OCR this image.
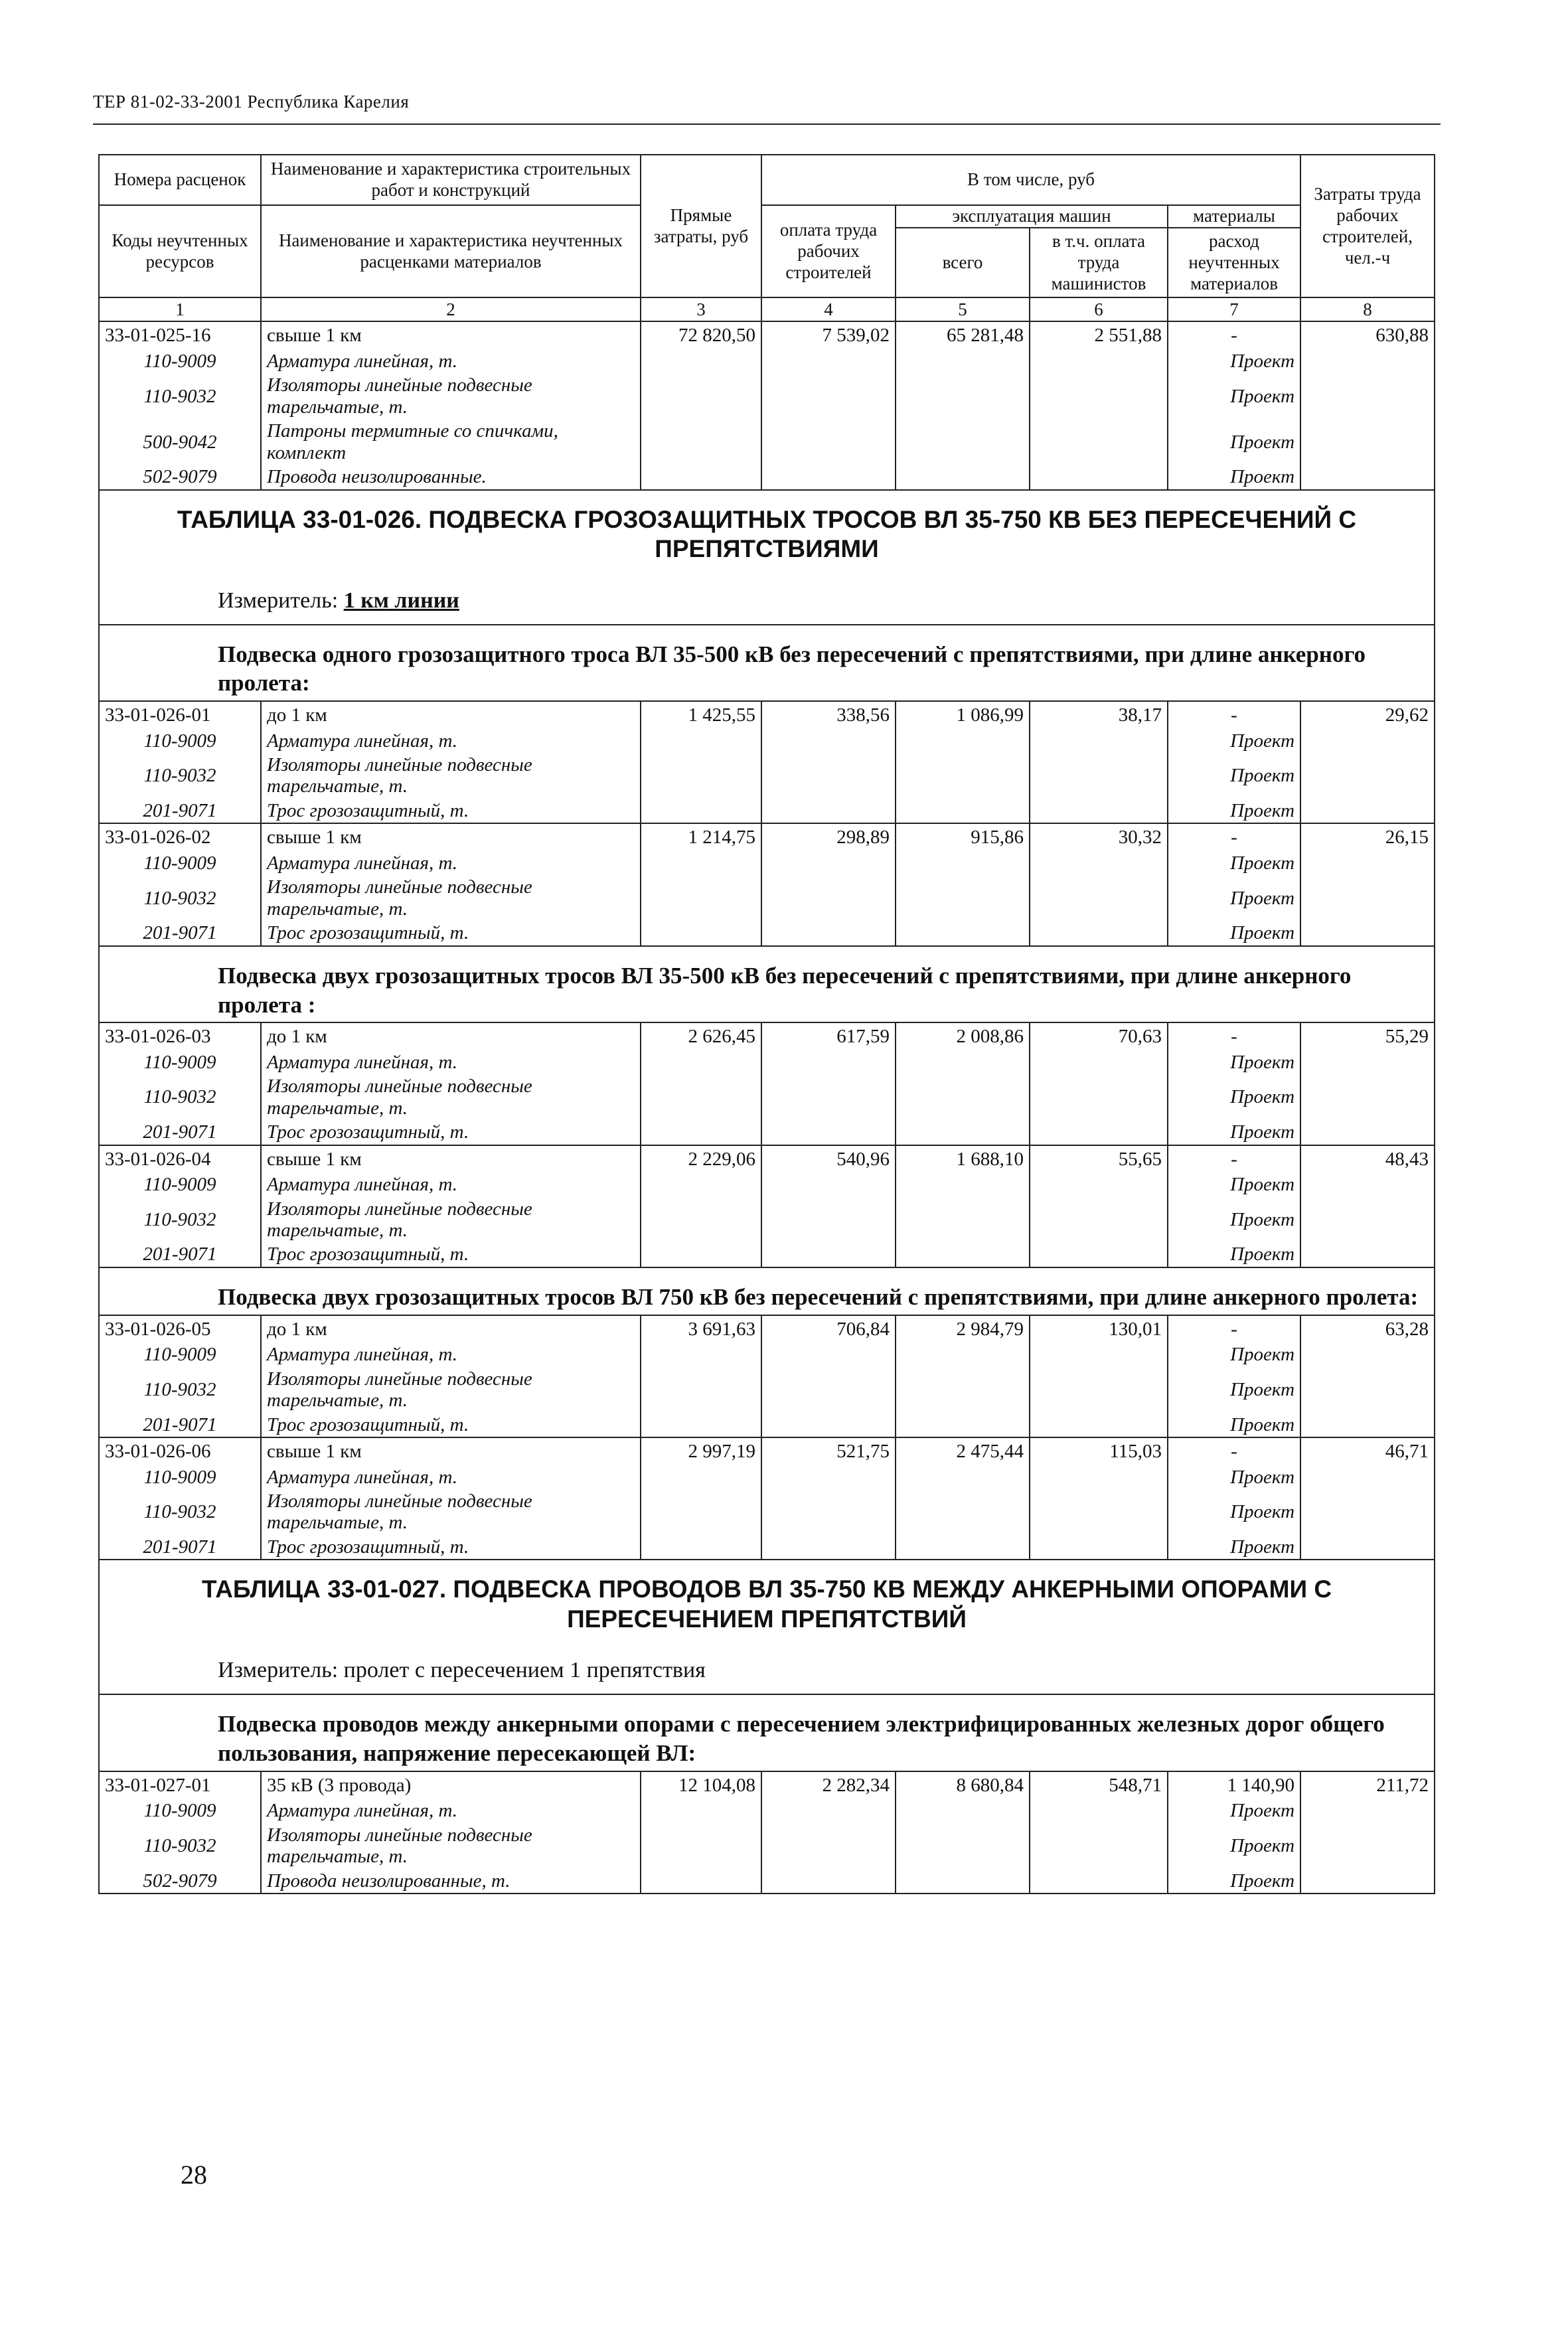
ТЕР 81-02-33-2001 Республика Карелия
Номера расценок	Наименование и характеристика строительных работ и конструкций	Прямые затраты, руб	В том числе, руб				Затраты труда рабочих строителей, чел.-ч
Коды неучтенных ресурсов	Наименование и характеристика неучтенных расценками материалов		оплата труда рабочих строителей	эксплуатация машин		материалы	
				всего	в т.ч. оплата труда машинистов	расход неучтенных материалов	

1	2	3	4	5	6	7	8
33-01-025-16	свыше 1 км	72 820,50	7 539,02	65 281,48	2 551,88	-	630,88
110-9009	Арматура линейная, т.					Проект	
110-9032	Изоляторы линейные подвесные тарельчатые, т.					Проект	
500-9042	Патроны термитные со спичками, комплект					Проект	
502-9079	Провода неизолированные.					Проект	
ТАБЛИЦА 33-01-026. ПОДВЕСКА ГРОЗОЗАЩИТНЫХ ТРОСОВ ВЛ 35-750 КВ БЕЗ ПЕРЕСЕЧЕНИЙ С ПРЕПЯТСТВИЯМИ							
Измеритель: 1 км линии							
Подвеска одного грозозащитного троса ВЛ 35-500 кВ без пересечений с препятствиями, при длине анкерного пролета:							
33-01-026-01	до 1 км	1 425,55	338,56	1 086,99	38,17	-	29,62
110-9009	Арматура линейная, т.					Проект	
110-9032	Изоляторы линейные подвесные тарельчатые, т.					Проект	
201-9071	Трос грозозащитный, т.					Проект	
33-01-026-02	свыше 1 км	1 214,75	298,89	915,86	30,32	-	26,15
110-9009	Арматура линейная, т.					Проект	
110-9032	Изоляторы линейные подвесные тарельчатые, т.					Проект	
201-9071	Трос грозозащитный, т.					Проект	
Подвеска двух грозозащитных тросов ВЛ 35-500 кВ без пересечений с препятствиями, при длине анкерного пролета :							
33-01-026-03	до 1 км	2 626,45	617,59	2 008,86	70,63	-	55,29
110-9009	Арматура линейная, т.					Проект	
110-9032	Изоляторы линейные подвесные тарельчатые, т.					Проект	
201-9071	Трос грозозащитный, т.					Проект	
33-01-026-04	свыше 1 км	2 229,06	540,96	1 688,10	55,65	-	48,43
110-9009	Арматура линейная, т.					Проект	
110-9032	Изоляторы линейные подвесные тарельчатые, т.					Проект	
201-9071	Трос грозозащитный, т.					Проект	
Подвеска двух грозозащитных тросов ВЛ 750 кВ без пересечений с препятствиями, при длине анкерного пролета:							
33-01-026-05	до 1 км	3 691,63	706,84	2 984,79	130,01	-	63,28
110-9009	Арматура линейная, т.					Проект	
110-9032	Изоляторы линейные подвесные тарельчатые, т.					Проект	
201-9071	Трос грозозащитный, т.					Проект	
33-01-026-06	свыше 1 км	2 997,19	521,75	2 475,44	115,03	-	46,71
110-9009	Арматура линейная, т.					Проект	
110-9032	Изоляторы линейные подвесные тарельчатые, т.					Проект	
201-9071	Трос грозозащитный, т.					Проект	
ТАБЛИЦА 33-01-027. ПОДВЕСКА ПРОВОДОВ ВЛ 35-750 КВ МЕЖДУ АНКЕРНЫМИ ОПОРАМИ С ПЕРЕСЕЧЕНИЕМ ПРЕПЯТСТВИЙ							
Измеритель: пролет с пересечением 1 препятствия							
Подвеска проводов между анкерными опорами с пересечением электрифицированных железных дорог общего пользования, напряжение пересекающей ВЛ:							
33-01-027-01	35 кВ (3 провода)	12 104,08	2 282,34	8 680,84	548,71	1 140,90	211,72
110-9009	Арматура линейная, т.					Проект	
110-9032	Изоляторы линейные подвесные тарельчатые, т.					Проект	
502-9079	Провода неизолированные, т.					Проект	
28
